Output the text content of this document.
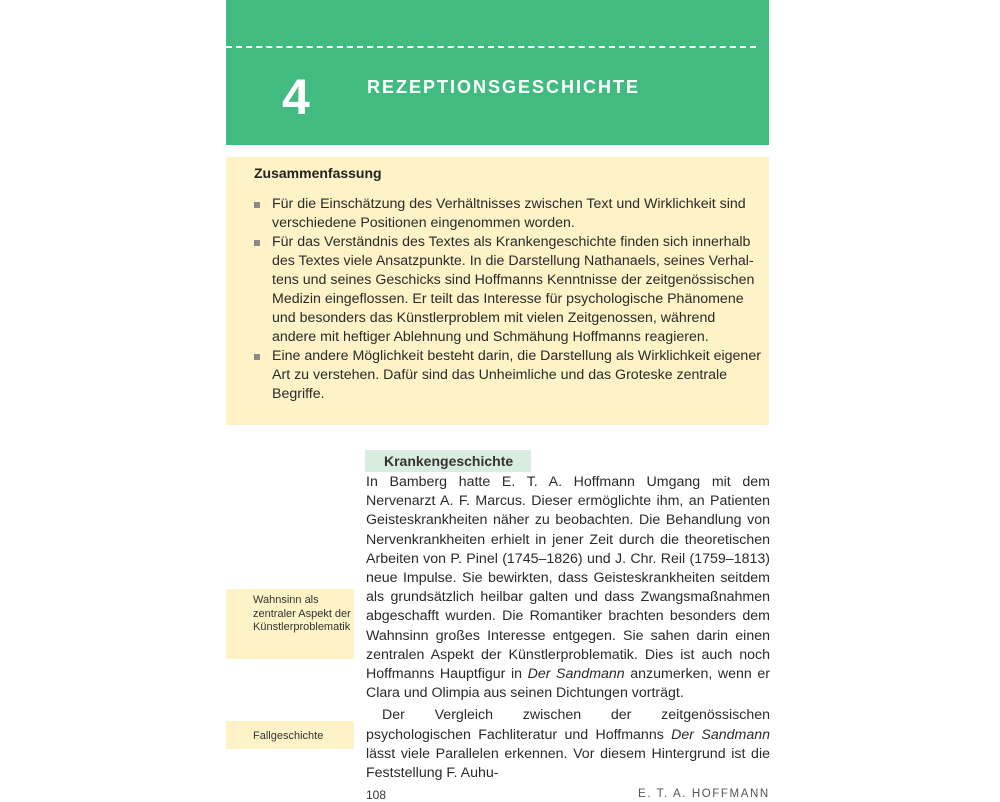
4	REZEPTIONSGESCHICHTE
Zusammenfassung
Für die Einschätzung des Verhältnisses zwischen Text und Wirklichkeit sind verschiedene Positionen eingenommen worden.
Für das Verständnis des Textes als Krankengeschichte finden sich innerhalb des Textes viele Ansatzpunkte. In die Darstellung Nathanaels, seines Verhaltens und seines Geschicks sind Hoffmanns Kenntnisse der zeitgenössischen Medizin eingeflossen. Er teilt das Interesse für psychologische Phänomene und besonders das Künstlerproblem mit vielen Zeitgenossen, während andere mit heftiger Ablehnung und Schmähung Hoffmanns reagieren.
Eine andere Möglichkeit besteht darin, die Darstellung als Wirklichkeit eigener Art zu verstehen. Dafür sind das Unheimliche und das Groteske zentrale Begriffe.
Krankengeschichte

In Bamberg hatte E. T. A. Hoffmann Umgang mit dem Nervenarzt A. F. Marcus. Dieser ermöglichte ihm, an Patienten Geisteskrankheiten näher zu beobachten. Die Behandlung von Nervenkrankheiten erhielt in jener Zeit durch die theoretischen Arbeiten von P. Pinel (1745–1826) und J. Chr. Reil (1759–1813) neue Impulse. Sie bewirkten, dass Geisteskrankheiten seitdem als grundsätzlich heilbar galten und dass Zwangsmaßnahmen abgeschafft wurden. Die Romantiker brachten besonders dem Wahnsinn großes Interesse entgegen. Sie sahen darin einen zentralen Aspekt der Künstlerproblematik. Dies ist auch noch Hoffmanns Hauptfigur in Der Sandmann anzumerken, wenn er Clara und Olimpia aus seinen Dichtungen vorträgt.

Der Vergleich zwischen der zeitgenössischen psychologischen Fachliteratur und Hoffmanns Der Sandmann lässt viele Parallelen erkennen. Vor diesem Hintergrund ist die Feststellung F. Auhu-

Wahnsinn als zentraler Aspekt der Künstlerproblematik
Fallgeschichte
108	E. T. A. HOFFMANN
